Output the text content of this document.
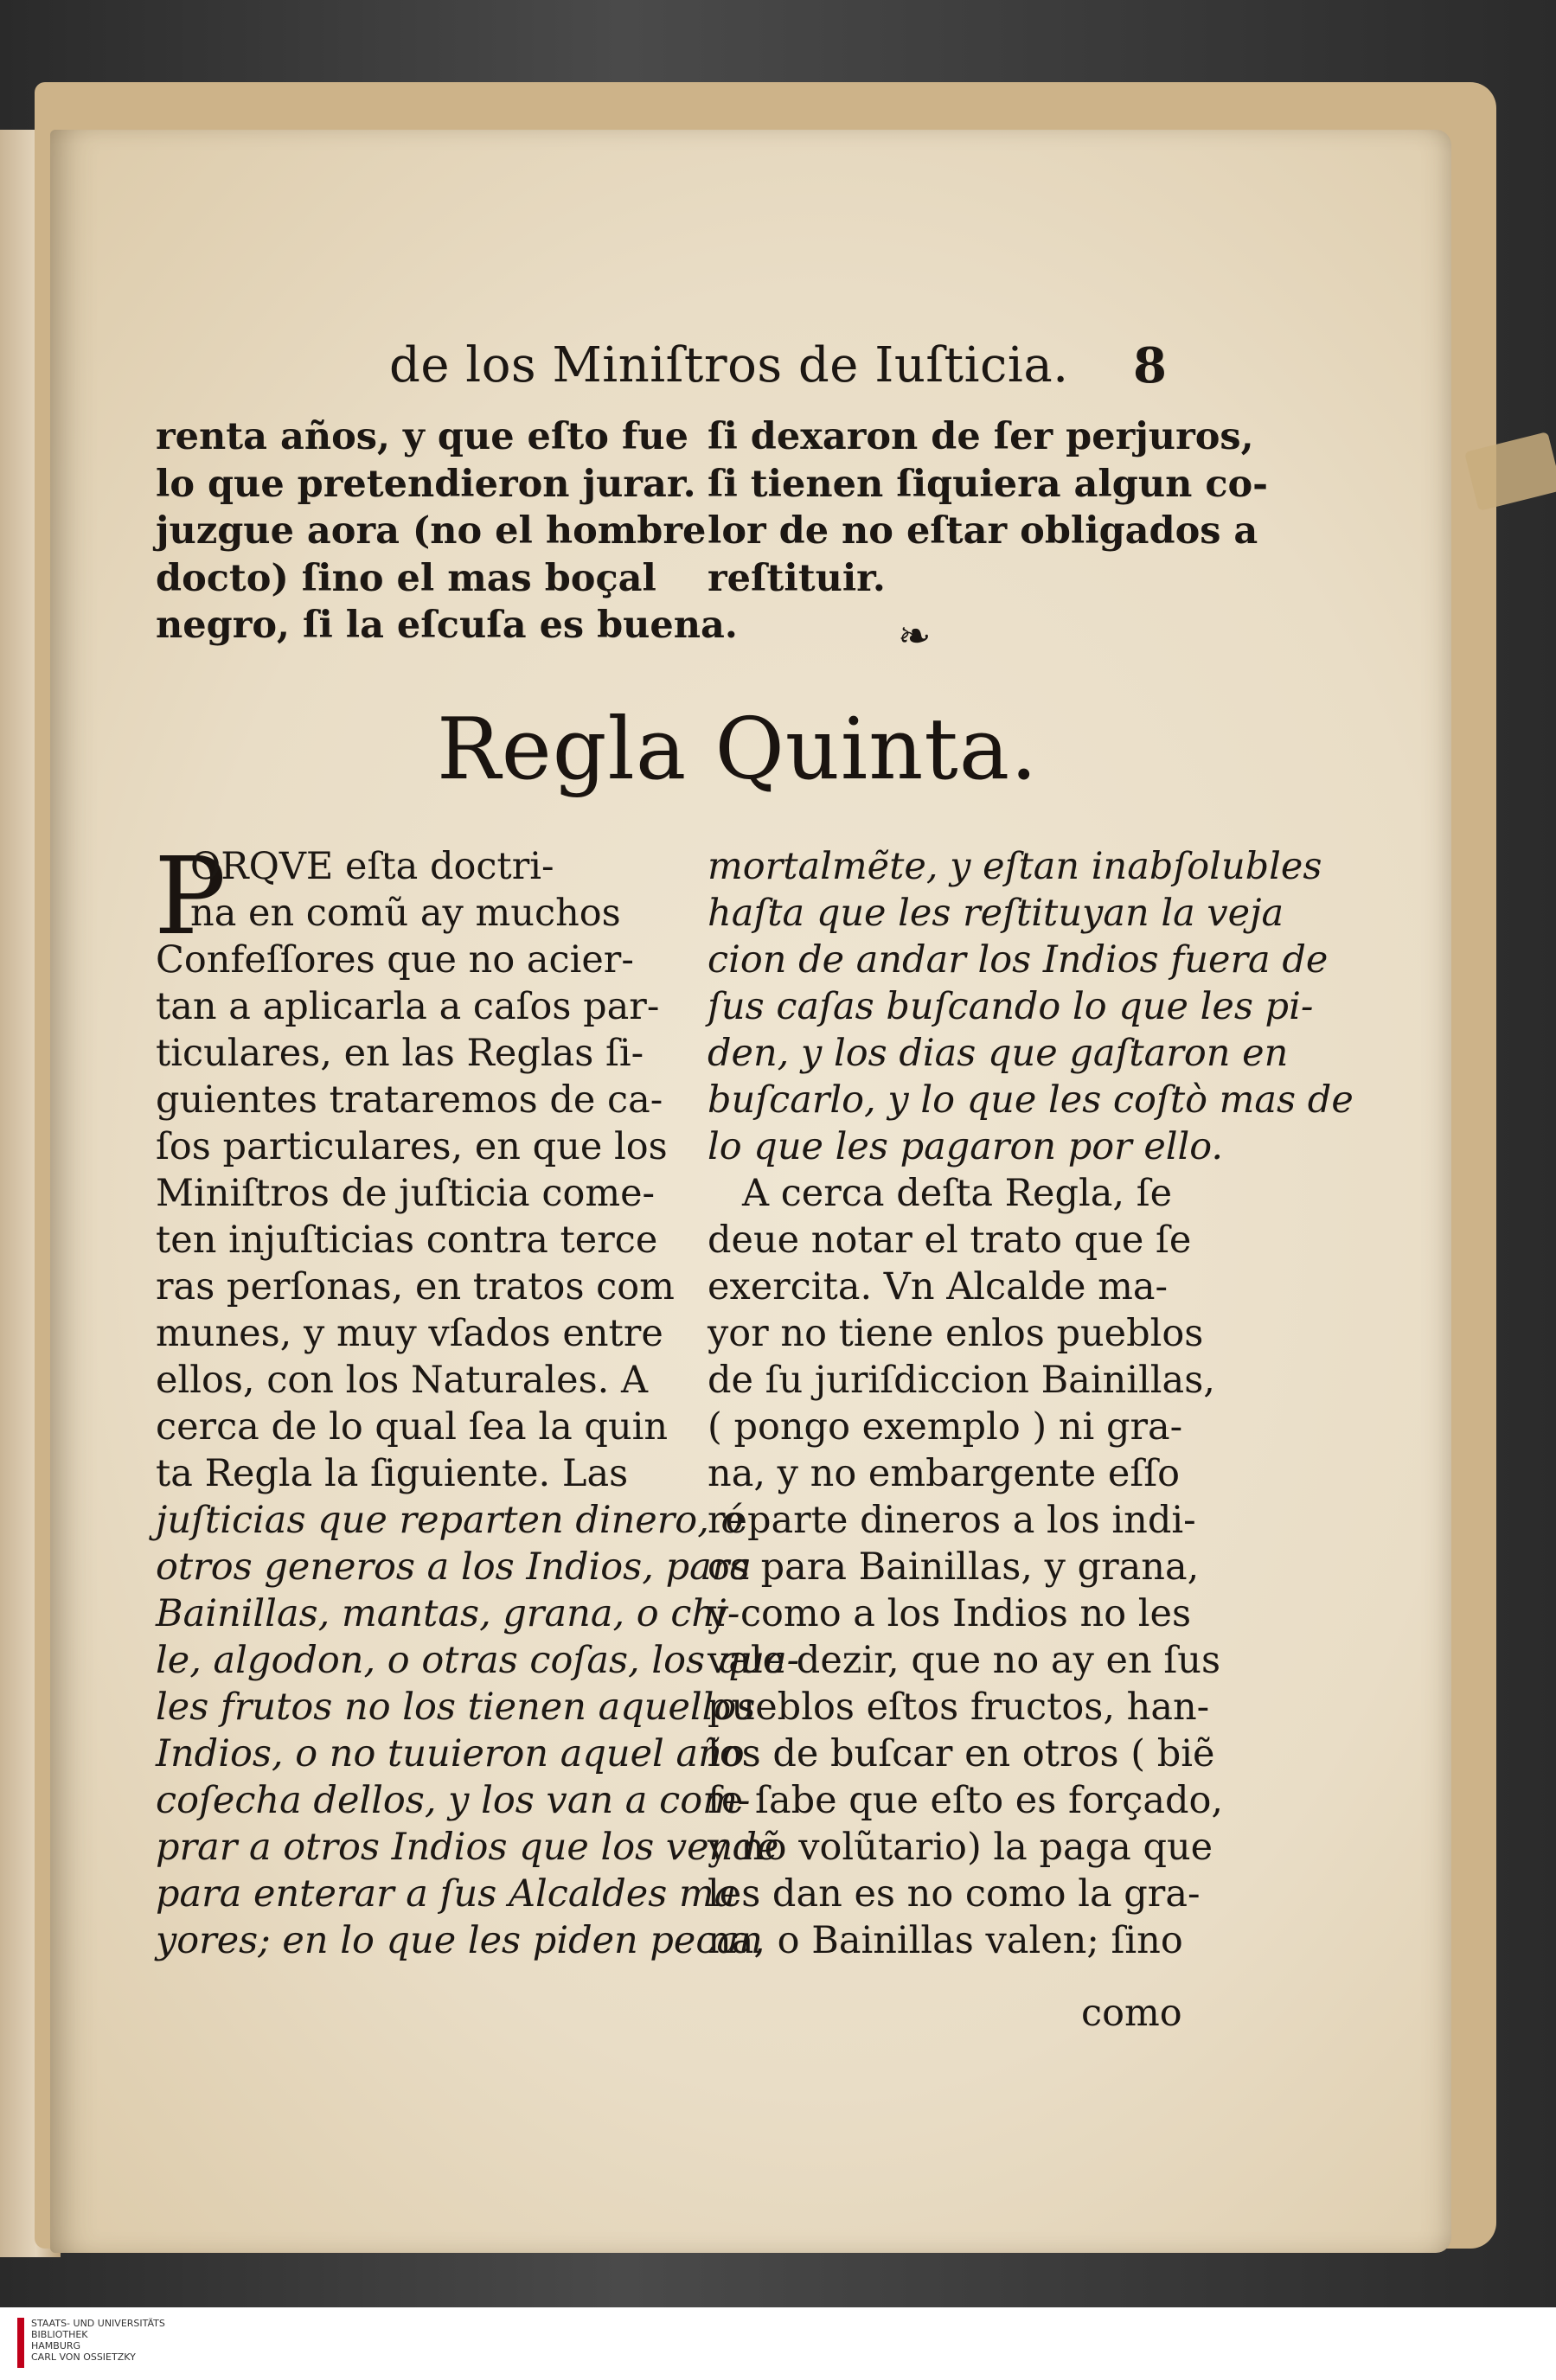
de los Miniſtros de Iuſticia. 8
renta años, y que eſto fue
lo que pretendieron jurar.
juzgue aora (no el hombre
docto) ſino el mas boçal
negro, ſi la eſcuſa es buena.
ſi dexaron de ſer perjuros,
ſi tienen ſiquiera algun co-
lor de no eſtar obligados a
reſtituir.
❧
Regla Quinta.
P
ORQVE eſta doctri-
na en comũ ay muchos
Confeſſores que no acier-
tan a aplicarla a caſos par-
ticulares, en las Reglas ſi-
guientes trataremos de ca-
ſos particulares, en que los
Miniſtros de juſticia come-
ten injuſticias contra terce
ras perſonas, en tratos com
munes, y muy vſados entre
ellos, con los Naturales. A
cerca de lo qual ſea la quin
ta Regla la ſiguiente. Las
juſticias que reparten dinero, ó
otros generos a los Indios, para
Bainillas, mantas, grana, o chi-
le, algodon, o otras coſas, los qua-
les frutos no los tienen aquellos
Indios, o no tuuieron aquel año
coſecha dellos, y los van a com-
prar a otros Indios que los vendẽ
para enterar a ſus Alcaldes ma
yores; en lo que les piden pecan
mortalmẽte, y eſtan inabſolubles
haſta que les reſtituyan la veja
cion de andar los Indios fuera de
ſus caſas buſcando lo que les pi-
den, y los dias que gaſtaron en
buſcarlo, y lo que les coſtò mas de
lo que les pagaron por ello.
A cerca deſta Regla, ſe
deue notar el trato que ſe
exercita. Vn Alcalde ma-
yor no tiene enlos pueblos
de ſu juriſdiccion Bainillas,
( pongo exemplo ) ni gra-
na, y no embargente eſſo
reparte dineros a los indi-
os para Bainillas, y grana,
y como a los Indios no les
vale dezir, que no ay en ſus
pueblos eſtos fructos, han-
los de buſcar en otros ( biẽ
ſe ſabe que eſto es forçado,
y no volũtario) la paga que
les dan es no como la gra-
na, o Bainillas valen; ſino
como
STAATS- UND UNIVERSITÄTS
BIBLIOTHEK
HAMBURG
CARL VON OSSIETZKY
